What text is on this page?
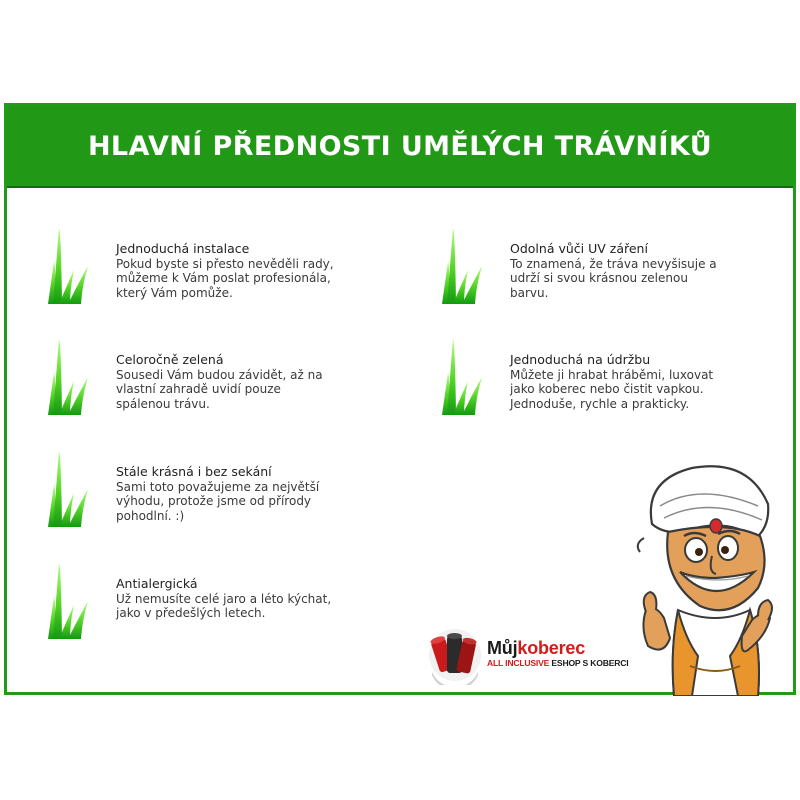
HLAVNÍ PŘEDNOSTI UMĚLÝCH TRÁVNÍKŮ
Jednoduchá instalace
Pokud byste si přesto nevěděli rady, můžeme k Vám poslat profesionála, který Vám pomůže.
Celoročně zelená
Sousedi Vám budou závidět, až na vlastní zahradě uvidí pouze spálenou trávu.
Stále krásná i bez sekání
Sami toto považujeme za největší výhodu, protože jsme od přírody pohodlní. :)
Antialergická
Už nemusíte celé jaro a léto kýchat, jako v předešlých letech.
Odolná vůči UV záření
To znamená, že tráva nevyšisuje a udrží si svou krásnou zelenou barvu.
Jednoduchá na údržbu
Můžete ji hrabat hráběmi, luxovat jako koberec nebo čistit vapkou. Jednoduše, rychle a prakticky.
Můjkoberec
ALL INCLUSIVE ESHOP S KOBERCI
